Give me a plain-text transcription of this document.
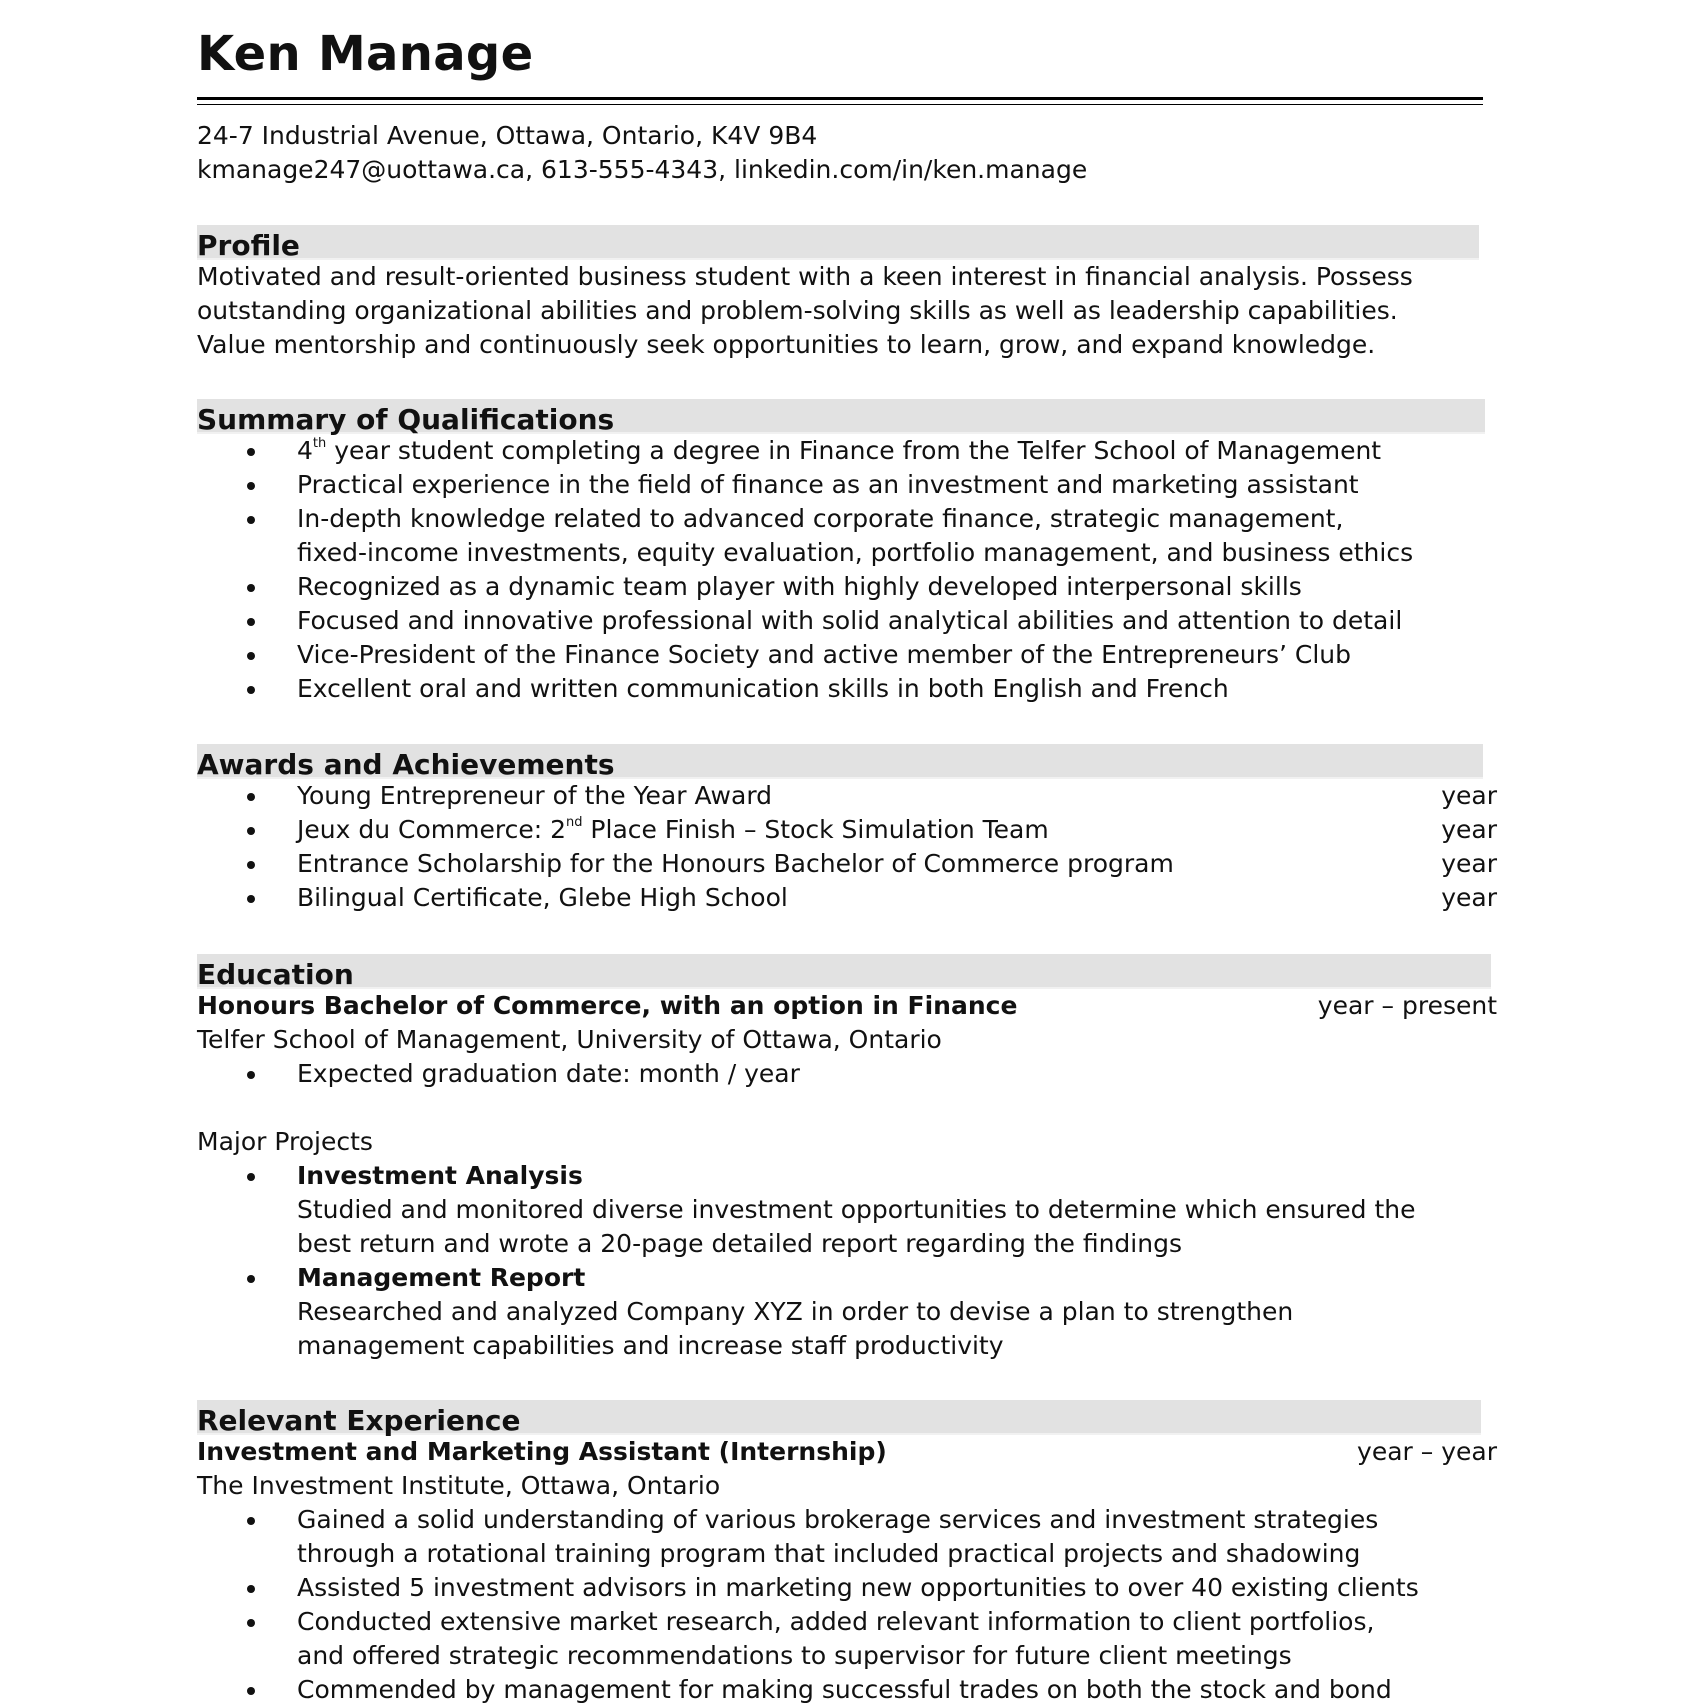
Ken Manage
24-7 Industrial Avenue, Ottawa, Ontario, K4V 9B4
kmanage247@uottawa.ca, 613-555-4343, linkedin.com/in/ken.manage
Profile

Motivated and result-oriented business student with a keen interest in financial analysis. Possess

outstanding organizational abilities and problem-solving skills as well as leadership capabilities.

Value mentorship and continuously seek opportunities to learn, grow, and expand knowledge.

Summary of Qualifications
4th year student completing a degree in Finance from the Telfer School of Management
Practical experience in the field of finance as an investment and marketing assistant
In-depth knowledge related to advanced corporate finance, strategic management,
fixed-income investments, equity evaluation, portfolio management, and business ethics
Recognized as a dynamic team player with highly developed interpersonal skills
Focused and innovative professional with solid analytical abilities and attention to detail
Vice-President of the Finance Society and active member of the Entrepreneurs’ Club
Excellent oral and written communication skills in both English and French
Awards and Achievements
Young Entrepreneur of the Year Award	year
Jeux du Commerce: 2nd Place Finish – Stock Simulation Team	year
Entrance Scholarship for the Honours Bachelor of Commerce program	year
Bilingual Certificate, Glebe High School	year
Education
Honours Bachelor of Commerce, with an option in Finance	year – present
Telfer School of Management, University of Ottawa, Ontario
Expected graduation date: month / year
Major Projects
Investment Analysis
Studied and monitored diverse investment opportunities to determine which ensured the
best return and wrote a 20-page detailed report regarding the findings
Management Report
Researched and analyzed Company XYZ in order to devise a plan to strengthen
management capabilities and increase staff productivity
Relevant Experience
Investment and Marketing Assistant (Internship)	year – year
The Investment Institute, Ottawa, Ontario
Gained a solid understanding of various brokerage services and investment strategies
through a rotational training program that included practical projects and shadowing
Assisted 5 investment advisors in marketing new opportunities to over 40 existing clients
Conducted extensive market research, added relevant information to client portfolios,
and offered strategic recommendations to supervisor for future client meetings
Commended by management for making successful trades on both the stock and bond
